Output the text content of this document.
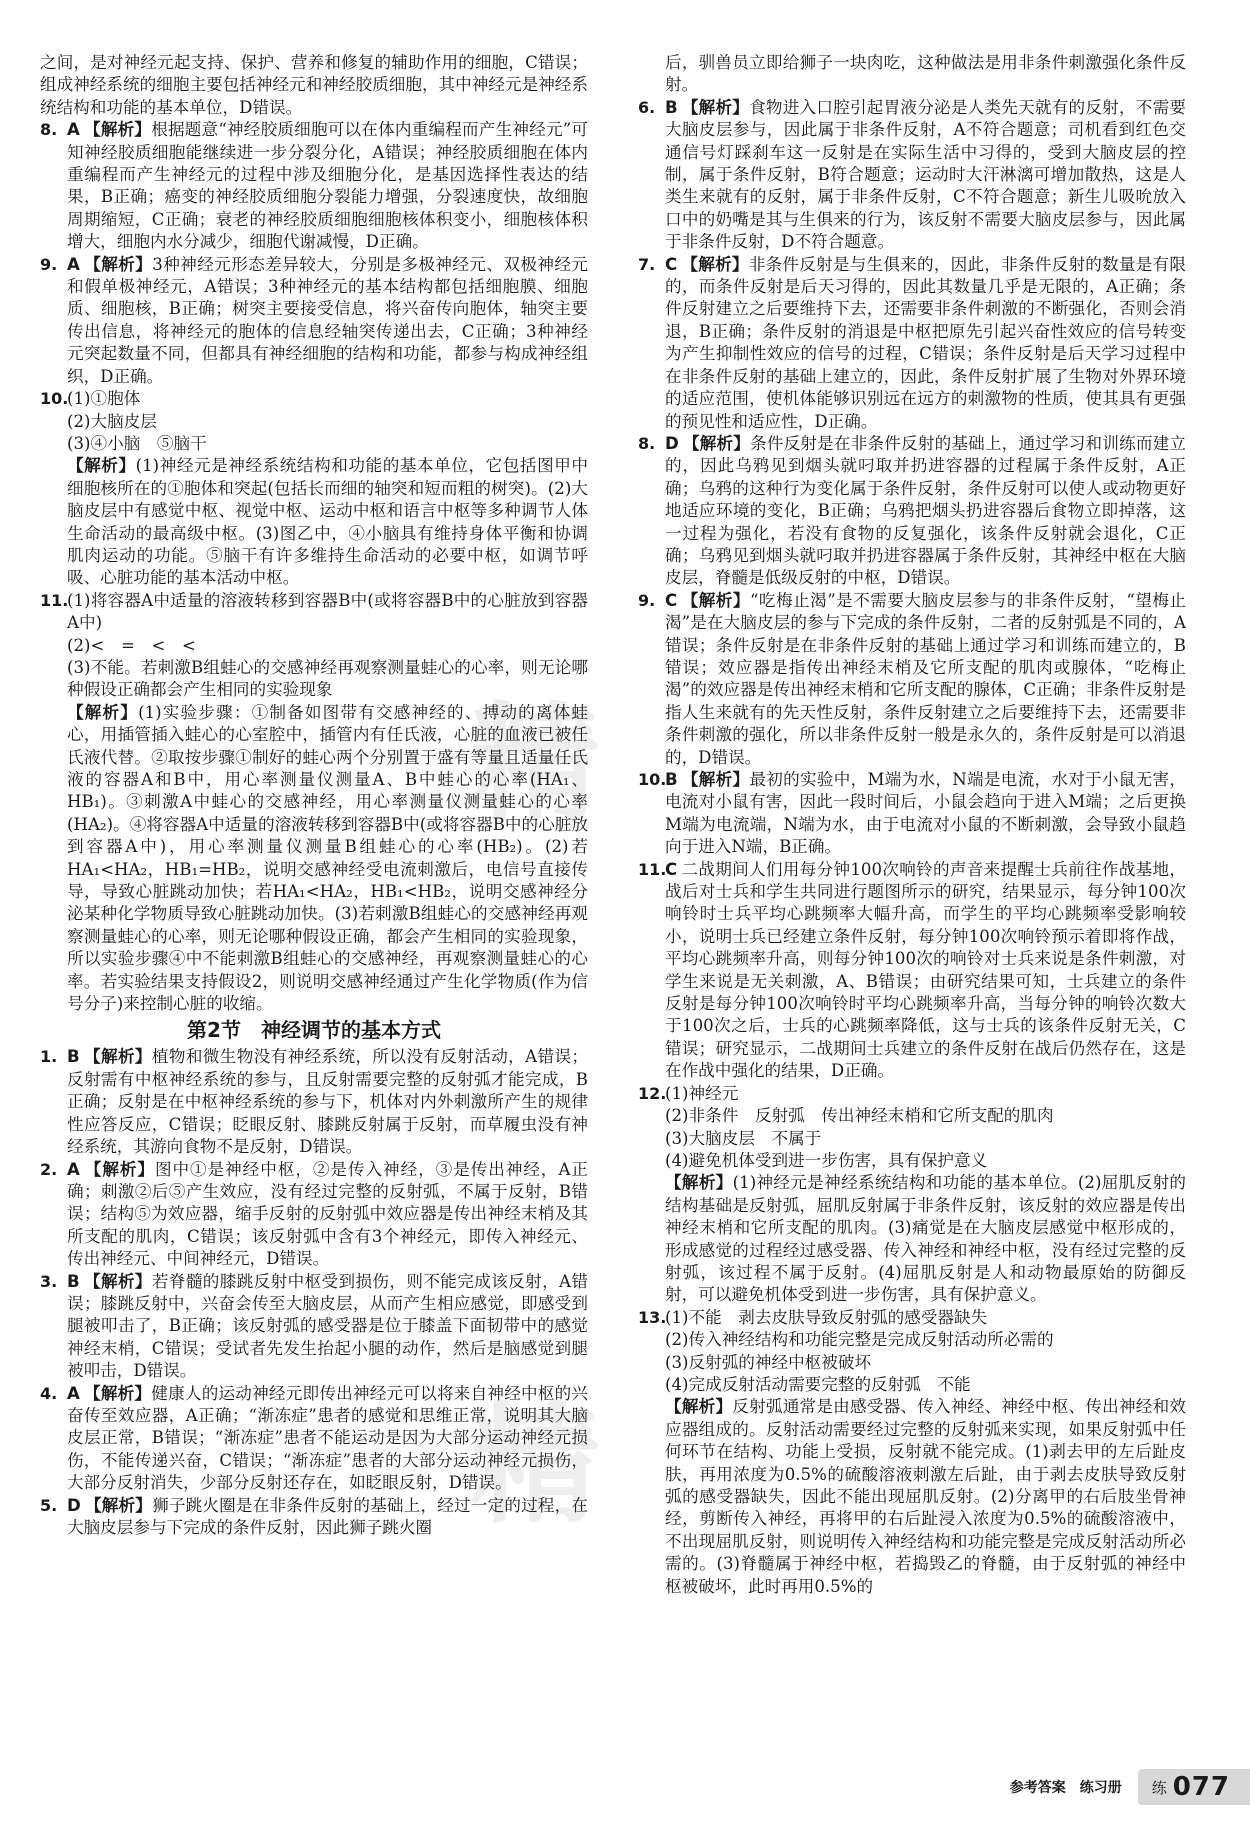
精
精

之间，是对神经元起支持、保护、营养和修复的辅助作用的细胞，C错误；组成神经系统的细胞主要包括神经元和神经胶质细胞，其中神经元是神经系统结构和功能的基本单位，D错误。

8. A 【解析】根据题意“神经胶质细胞可以在体内重编程而产生神经元”可知神经胶质细胞能继续进一步分裂分化，A错误；神经胶质细胞在体内重编程而产生神经元的过程中涉及细胞分化，是基因选择性表达的结果，B正确；癌变的神经胶质细胞分裂能力增强，分裂速度快，故细胞周期缩短，C正确；衰老的神经胶质细胞细胞核体积变小，细胞核体积增大，细胞内水分减少，细胞代谢减慢，D正确。

9. A 【解析】3种神经元形态差异较大，分别是多极神经元、双极神经元和假单极神经元，A错误；3种神经元的基本结构都包括细胞膜、细胞质、细胞核，B正确；树突主要接受信息，将兴奋传向胞体，轴突主要传出信息，将神经元的胞体的信息经轴突传递出去，C正确；3种神经元突起数量不同，但都具有神经细胞的结构和功能，都参与构成神经组织，D正确。

10.
(1)①胞体
(2)大脑皮层
(3)④小脑　⑤脑干
【解析】(1)神经元是神经系统结构和功能的基本单位，它包括图甲中细胞核所在的①胞体和突起(包括长而细的轴突和短而粗的树突)。(2)大脑皮层中有感觉中枢、视觉中枢、运动中枢和语言中枢等多种调节人体生命活动的最高级中枢。(3)图乙中，④小脑具有维持身体平衡和协调肌肉运动的功能。⑤脑干有许多维持生命活动的必要中枢，如调节呼吸、心脏功能的基本活动中枢。
11.
(1)将容器A中适量的溶液转移到容器B中(或将容器B中的心脏放到容器A中)
(2)<　=　<　<
(3)不能。若刺激B组蛙心的交感神经再观察测量蛙心的心率，则无论哪种假设正确都会产生相同的实验现象
【解析】(1)实验步骤：①制备如图带有交感神经的、搏动的离体蛙心，用插管插入蛙心的心室腔中，插管内有任氏液，心脏的血液已被任氏液代替。②取按步骤①制好的蛙心两个分别置于盛有等量且适量任氏液的容器A和B中，用心率测量仪测量A、B中蛙心的心率(HA₁、HB₁)。③刺激A中蛙心的交感神经，用心率测量仪测量蛙心的心率(HA₂)。④将容器A中适量的溶液转移到容器B中(或将容器B中的心脏放到容器A中)，用心率测量仪测量B组蛙心的心率(HB₂)。(2)若HA₁<HA₂，HB₁=HB₂，说明交感神经受电流刺激后，电信号直接传导，导致心脏跳动加快；若HA₁<HA₂，HB₁<HB₂，说明交感神经分泌某种化学物质导致心脏跳动加快。(3)若刺激B组蛙心的交感神经再观察测量蛙心的心率，则无论哪种假设正确，都会产生相同的实验现象，所以实验步骤④中不能刺激B组蛙心的交感神经，再观察测量蛙心的心率。若实验结果支持假设2，则说明交感神经通过产生化学物质(作为信号分子)来控制心脏的收缩。
第2节　神经调节的基本方式

1. B 【解析】植物和微生物没有神经系统，所以没有反射活动，A错误；反射需有中枢神经系统的参与，且反射需要完整的反射弧才能完成，B正确；反射是在中枢神经系统的参与下，机体对内外刺激所产生的规律性应答反应，C错误；眨眼反射、膝跳反射属于反射，而草履虫没有神经系统，其游向食物不是反射，D错误。

2. A 【解析】图中①是神经中枢，②是传入神经，③是传出神经，A正确；刺激②后⑤产生效应，没有经过完整的反射弧，不属于反射，B错误；结构⑤为效应器，缩手反射的反射弧中效应器是传出神经末梢及其所支配的肌肉，C错误；该反射弧中含有3个神经元，即传入神经元、传出神经元、中间神经元，D错误。

3. B 【解析】若脊髓的膝跳反射中枢受到损伤，则不能完成该反射，A错误；膝跳反射中，兴奋会传至大脑皮层，从而产生相应感觉，即感受到腿被叩击了，B正确；该反射弧的感受器是位于膝盖下面韧带中的感觉神经末梢，C错误；受试者先发生抬起小腿的动作，然后是脑感觉到腿被叩击，D错误。

4. A 【解析】健康人的运动神经元即传出神经元可以将来自神经中枢的兴奋传至效应器，A正确；“渐冻症”患者的感觉和思维正常，说明其大脑皮层正常，B错误；“渐冻症”患者不能运动是因为大部分运动神经元损伤，不能传递兴奋，C错误；“渐冻症”患者的大部分运动神经元损伤，大部分反射消失，少部分反射还存在，如眨眼反射，D错误。

5. D 【解析】狮子跳火圈是在非条件反射的基础上，经过一定的过程，在大脑皮层参与下完成的条件反射，因此狮子跳火圈

后，驯兽员立即给狮子一块肉吃，这种做法是用非条件刺激强化条件反射。

6. B 【解析】食物进入口腔引起胃液分泌是人类先天就有的反射，不需要大脑皮层参与，因此属于非条件反射，A不符合题意；司机看到红色交通信号灯踩刹车这一反射是在实际生活中习得的，受到大脑皮层的控制，属于条件反射，B符合题意；运动时大汗淋漓可增加散热，这是人类生来就有的反射，属于非条件反射，C不符合题意；新生儿吸吮放入口中的奶嘴是其与生俱来的行为，该反射不需要大脑皮层参与，因此属于非条件反射，D不符合题意。

7. C 【解析】非条件反射是与生俱来的，因此，非条件反射的数量是有限的，而条件反射是后天习得的，因此其数量几乎是无限的，A正确；条件反射建立之后要维持下去，还需要非条件刺激的不断强化，否则会消退，B正确；条件反射的消退是中枢把原先引起兴奋性效应的信号转变为产生抑制性效应的信号的过程，C错误；条件反射是后天学习过程中在非条件反射的基础上建立的，因此，条件反射扩展了生物对外界环境的适应范围，使机体能够识别远在远方的刺激物的性质，使其具有更强的预见性和适应性，D正确。

8. D 【解析】条件反射是在非条件反射的基础上，通过学习和训练而建立的，因此乌鸦见到烟头就叼取并扔进容器的过程属于条件反射，A正确；乌鸦的这种行为变化属于条件反射，条件反射可以使人或动物更好地适应环境的变化，B正确；乌鸦把烟头扔进容器后食物立即掉落，这一过程为强化，若没有食物的反复强化，该条件反射就会退化，C正确；乌鸦见到烟头就叼取并扔进容器属于条件反射，其神经中枢在大脑皮层，脊髓是低级反射的中枢，D错误。

9. C 【解析】“吃梅止渴”是不需要大脑皮层参与的非条件反射，“望梅止渴”是在大脑皮层的参与下完成的条件反射，二者的反射弧是不同的，A错误；条件反射是在非条件反射的基础上通过学习和训练而建立的，B错误；效应器是指传出神经末梢及它所支配的肌肉或腺体，“吃梅止渴”的效应器是传出神经末梢和它所支配的腺体，C正确；非条件反射是指人生来就有的先天性反射，条件反射建立之后要维持下去，还需要非条件刺激的强化，所以非条件反射一般是永久的，条件反射是可以消退的，D错误。

10.
B 【解析】最初的实验中，M端为水，N端是电流，水对于小鼠无害，电流对小鼠有害，因此一段时间后，小鼠会趋向于进入M端；之后更换M端为电流端，N端为水，由于电流对小鼠的不断刺激，会导致小鼠趋向于进入N端，B正确。

11.
C 二战期间人们用每分钟100次响铃的声音来提醒士兵前往作战基地，战后对士兵和学生共同进行题图所示的研究，结果显示，每分钟100次响铃时士兵平均心跳频率大幅升高，而学生的平均心跳频率受影响较小，说明士兵已经建立条件反射，每分钟100次响铃预示着即将作战，平均心跳频率升高，则每分钟100次的响铃对士兵来说是条件刺激，对学生来说是无关刺激，A、B错误；由研究结果可知，士兵建立的条件反射是每分钟100次响铃时平均心跳频率升高，当每分钟的响铃次数大于100次之后，士兵的心跳频率降低，这与士兵的该条件反射无关，C错误；研究显示，二战期间士兵建立的条件反射在战后仍然存在，这是在作战中强化的结果，D正确。

12.
(1)神经元
(2)非条件　反射弧　传出神经末梢和它所支配的肌肉
(3)大脑皮层　不属于
(4)避免机体受到进一步伤害，具有保护意义
【解析】(1)神经元是神经系统结构和功能的基本单位。(2)屈肌反射的结构基础是反射弧，屈肌反射属于非条件反射，该反射的效应器是传出神经末梢和它所支配的肌肉。(3)痛觉是在大脑皮层感觉中枢形成的，形成感觉的过程经过感受器、传入神经和神经中枢，没有经过完整的反射弧，该过程不属于反射。(4)屈肌反射是人和动物最原始的防御反射，可以避免机体受到进一步伤害，具有保护意义。
13.
(1)不能　剥去皮肤导致反射弧的感受器缺失
(2)传入神经结构和功能完整是完成反射活动所必需的
(3)反射弧的神经中枢被破坏
(4)完成反射活动需要完整的反射弧　不能
【解析】反射弧通常是由感受器、传入神经、神经中枢、传出神经和效应器组成的。反射活动需要经过完整的反射弧来实现，如果反射弧中任何环节在结构、功能上受损，反射就不能完成。(1)剥去甲的左后趾皮肤，再用浓度为0.5%的硫酸溶液刺激左后趾，由于剥去皮肤导致反射弧的感受器缺失，因此不能出现屈肌反射。(2)分离甲的右后肢坐骨神经，剪断传入神经，再将甲的右后趾浸入浓度为0.5%的硫酸溶液中，不出现屈肌反射，则说明传入神经结构和功能完整是完成反射活动所必需的。(3)脊髓属于神经中枢，若捣毁乙的脊髓，由于反射弧的神经中枢被破坏，此时再用0.5%的
参考答案　练习册 练 077
